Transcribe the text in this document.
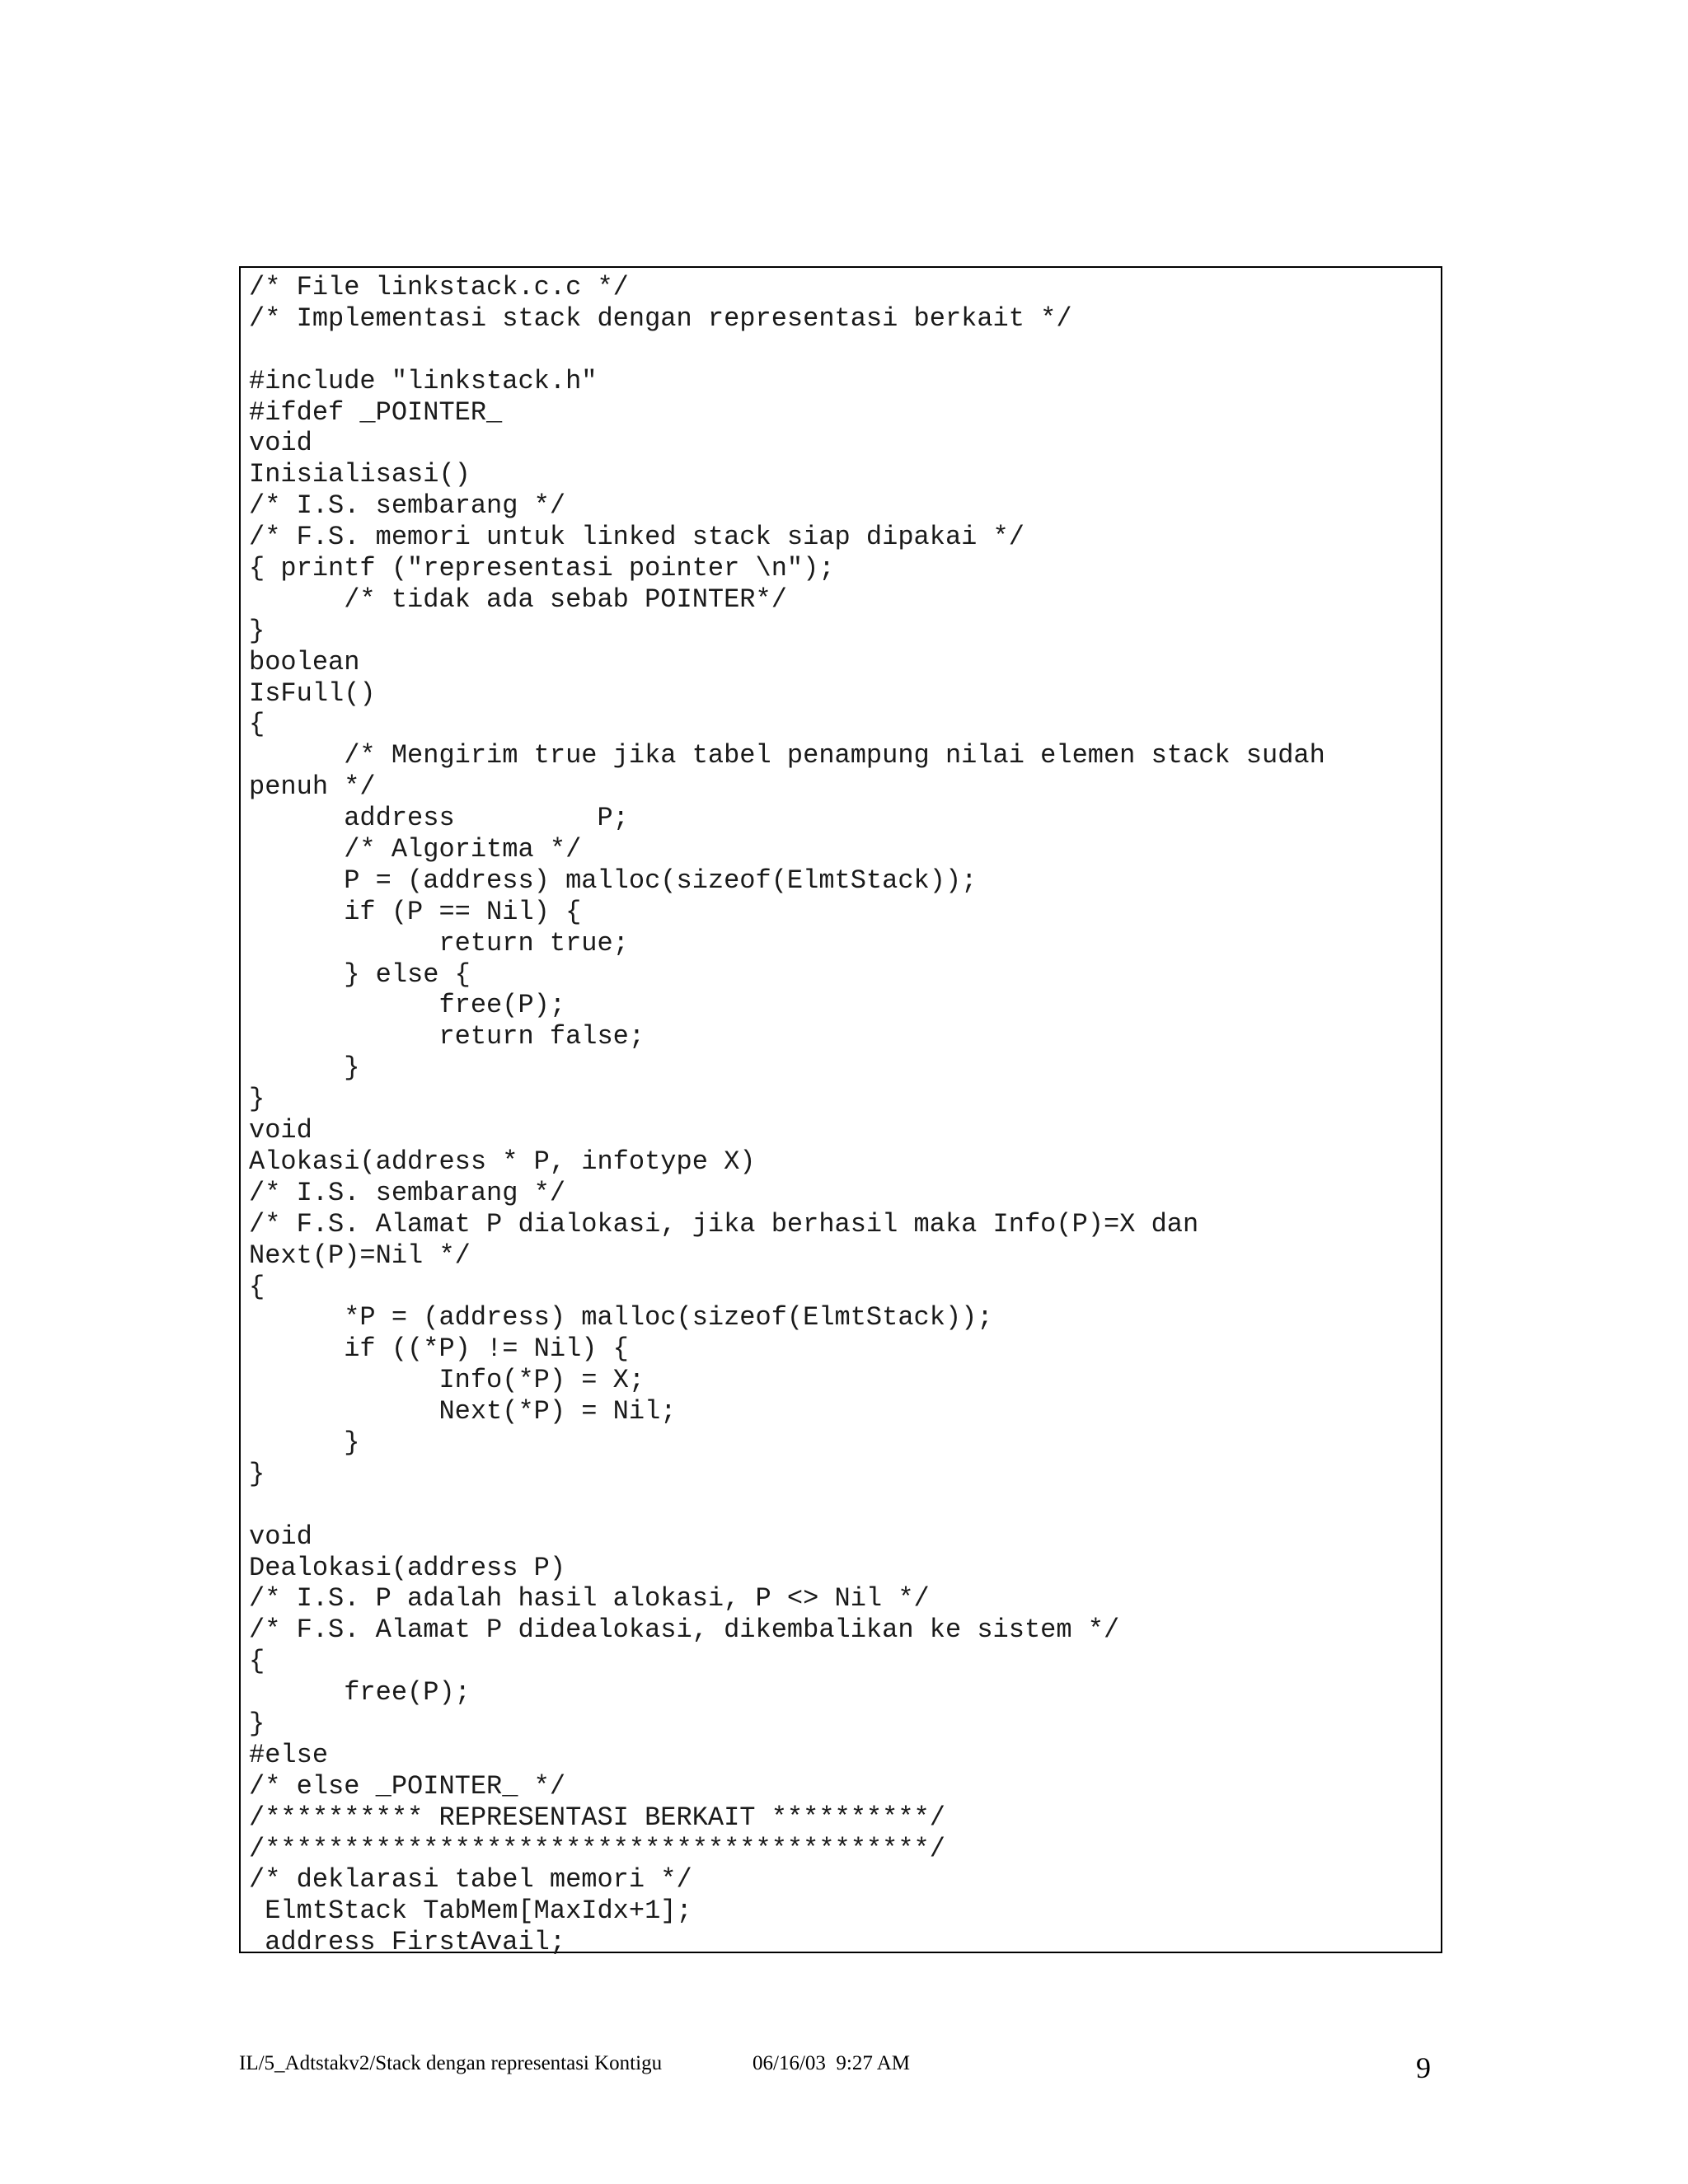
/* File linkstack.c.c */
/* Implementasi stack dengan representasi berkait */
#include "linkstack.h"
#ifdef _POINTER_
void
Inisialisasi()
/* I.S. sembarang */
/* F.S. memori untuk linked stack siap dipakai */
{ printf ("representasi pointer \n");
/* tidak ada sebab POINTER*/
}
boolean
IsFull()
{
/* Mengirim true jika tabel penampung nilai elemen stack sudah
penuh */
address         P;
/* Algoritma */
P = (address) malloc(sizeof(ElmtStack));
if (P == Nil) {
return true;
} else {
free(P);
return false;
}
}
void
Alokasi(address * P, infotype X)
/* I.S. sembarang */
/* F.S. Alamat P dialokasi, jika berhasil maka Info(P)=X dan
Next(P)=Nil */
{
*P = (address) malloc(sizeof(ElmtStack));
if ((*P) != Nil) {
Info(*P) = X;
Next(*P) = Nil;
}
}
void
Dealokasi(address P)
/* I.S. P adalah hasil alokasi, P <> Nil */
/* F.S. Alamat P didealokasi, dikembalikan ke sistem */
{
free(P);
}
#else
/* else _POINTER_ */
/********** REPRESENTASI BERKAIT **********/
/******************************************/
/* deklarasi tabel memori */
ElmtStack TabMem[MaxIdx+1];
address FirstAvail;
IL/5_Adtstakv2/Stack dengan representasi Kontigu	06/16/03  9:27 AM	9
